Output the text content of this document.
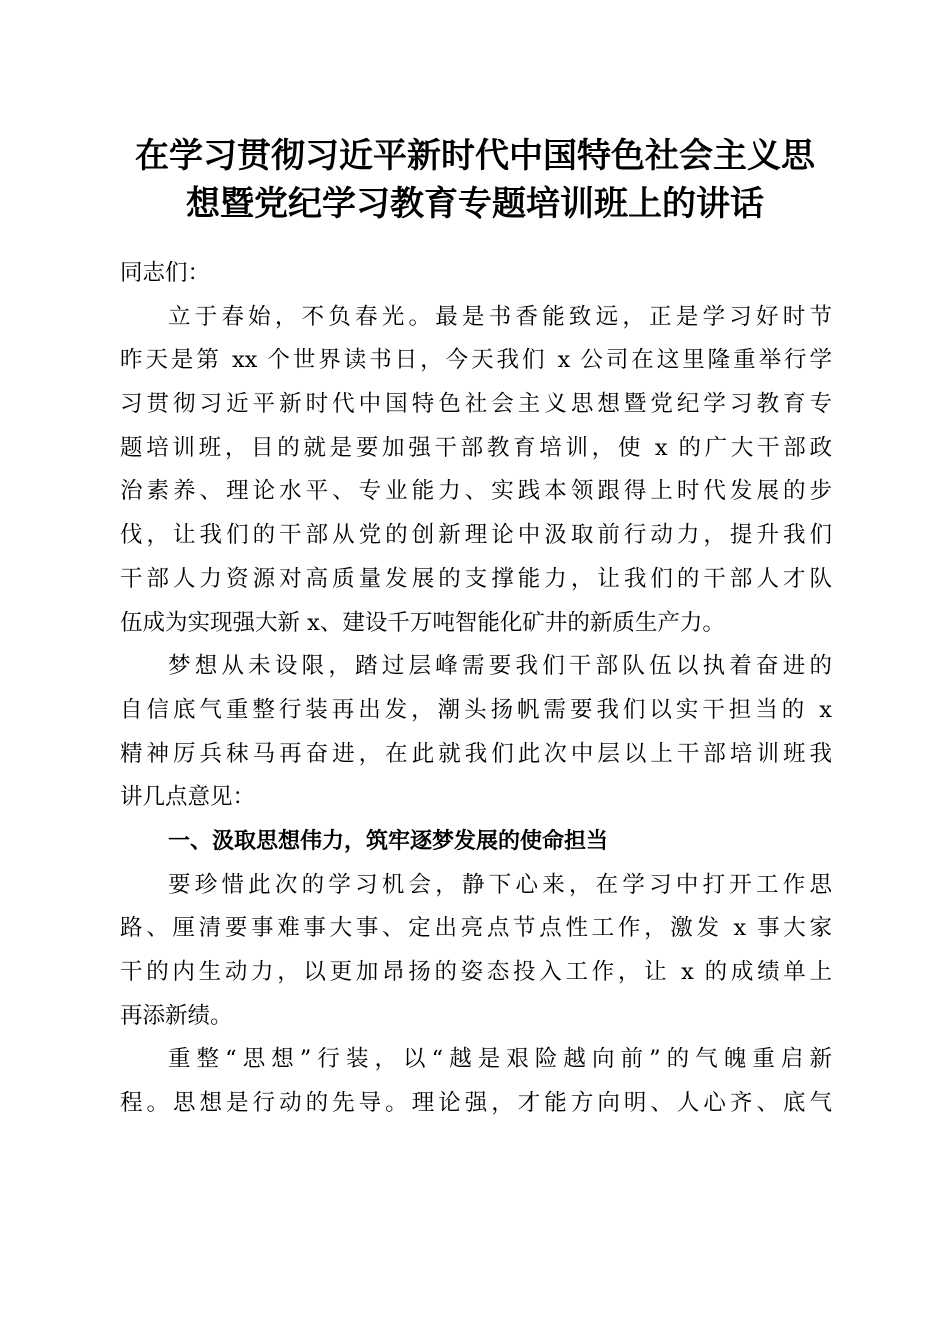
在学习贯彻习近平新时代中国特色社会主义思
想暨党纪学习教育专题培训班上的讲话
同志们：
立于春始，不负春光。最是书香能致远，正是学习好时节
昨天是第 xx 个世界读书日，今天我们 x 公司在这里隆重举行学
习贯彻习近平新时代中国特色社会主义思想暨党纪学习教育专
题培训班，目的就是要加强干部教育培训，使 x 的广大干部政
治素养、理论水平、专业能力、实践本领跟得上时代发展的步
伐，让我们的干部从党的创新理论中汲取前行动力，提升我们
干部人力资源对高质量发展的支撑能力，让我们的干部人才队
伍成为实现强大新 x、建设千万吨智能化矿井的新质生产力。
梦想从未设限，踏过层峰需要我们干部队伍以执着奋进的
自信底气重整行装再出发，潮头扬帆需要我们以实干担当的 x
精神厉兵秣马再奋进，在此就我们此次中层以上干部培训班我
讲几点意见：
一、汲取思想伟力，筑牢逐梦发展的使命担当
要珍惜此次的学习机会，静下心来，在学习中打开工作思
路、厘清要事难事大事、定出亮点节点性工作，激发 x 事大家
干的内生动力，以更加昂扬的姿态投入工作，让 x 的成绩单上
再添新绩。
重整“思想”行装，以“越是艰险越向前”的气魄重启新
程。思想是行动的先导。理论强，才能方向明、人心齐、底气
